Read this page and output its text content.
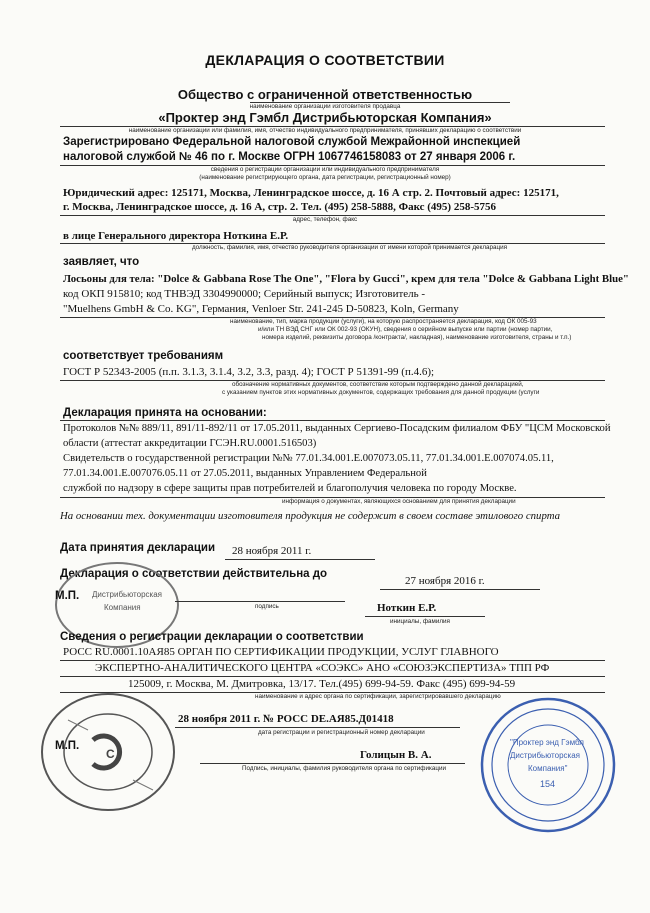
ДЕКЛАРАЦИЯ О СООТВЕТСТВИИ
Общество с ограниченной ответственностью
наименование организации изготовителя продавца
«Проктер энд Гэмбл Дистрибьюторская Компания»
наименование организации или фамилия, имя, отчество индивидуального предпринимателя, принявших декларацию о соответствии
Зарегистрировано Федеральной налоговой службой Межрайонной инспекцией
налоговой службой № 46 по г. Москве ОГРН 1067746158083 от 27 января 2006 г.
сведения о регистрации организации или индивидуального предпринимателя
(наименование регистрирующего органа, дата регистрации, регистрационный номер)
Юридический адрес: 125171, Москва, Ленинградское шоссе, д. 16 А стр. 2. Почтовый адрес: 125171,
г. Москва, Ленинградское шоссе, д. 16 А, стр. 2. Тел. (495) 258-5888, Факс (495) 258-5756
адрес, телефон, факс
в лице Генерального директора Ноткина Е.Р.
должность, фамилия, имя, отчество руководителя организации от имени которой принимается декларация
заявляет, что
Лосьоны для тела: "Dolce & Gabbana Rose The One", "Flora by Gucci", крем для тела "Dolce & Gabbana Light Blue"
код ОКП 915810; код ТНВЭД 3304990000; Серийный выпуск; Изготовитель -
"Muelhens GmbH & Co. KG", Германия, Venloer Str. 241-245 D-50823, Koln, Germany
наименование, тип, марка продукции (услуги), на которую распространяется декларация, код ОК 005-93
и/или ТН ВЭД СНГ или ОК 002-93 (ОКУН), сведения о серийном выпуске или партии (номер партии,
номера изделий, реквизиты договора /контракта/, накладная), наименование изготовителя, страны и т.п.)
соответствует требованиям
ГОСТ Р 52343-2005 (п.п. 3.1.3, 3.1.4, 3.2, 3.3, разд. 4); ГОСТ Р 51391-99 (п.4.6);
обозначение нормативных документов, соответствие которым подтверждено данной декларацией,
с указанием пунктов этих нормативных документов, содержащих требования для данной продукции (услуги
Декларация принята на основании:
Протоколов №№ 889/11, 891/11-892/11 от 17.05.2011, выданных Сергиево-Посадским филиалом ФБУ "ЦСМ Московской
области (аттестат аккредитации ГСЭН.RU.0001.516503)
Свидетельств о государственной регистрации №№ 77.01.34.001.Е.007073.05.11, 77.01.34.001.Е.007074.05.11,
77.01.34.001.Е.007076.05.11 от 27.05.2011, выданных Управлением Федеральной
службой по надзору в сфере защиты прав потребителей и благополучия человека по городу Москве.
информация о документах, являющихся основанием для принятия декларации
На основании тех. документации изготовителя продукция не содержит в своем составе этилового спирта
Дата принятия декларации 28 ноября 2011 г.
Декларация о соответствии действительна до
27 ноября 2016 г.
Дистрибьюторская
Компания
М.П.
подпись	Ноткин Е.Р.
инициалы, фамилия
Сведения о регистрации декларации о соответствии
РОСС RU.0001.10АЯ85 ОРГАН ПО СЕРТИФИКАЦИИ ПРОДУКЦИИ, УСЛУГ ГЛАВНОГО
ЭКСПЕРТНО-АНАЛИТИЧЕСКОГО ЦЕНТРА «СОЭКС» АНО «СОЮЗЭКСПЕРТИЗА» ТПП РФ
125009, г. Москва, М. Дмитровка, 13/17. Тел.(495) 699-94-59. Факс (495) 699-94-59
наименование и адрес органа по сертификации, зарегистрировавшего декларацию
С
28 ноября 2011 г. № РОСС DE.АЯ85.Д01418
дата регистрации и регистрационный номер декларации
М.П.
Голицын В. А.
Подпись, инициалы, фамилия руководителя органа по сертификации
"Проктер энд Гэмбл
Дистрибьюторская
Компания"
154
